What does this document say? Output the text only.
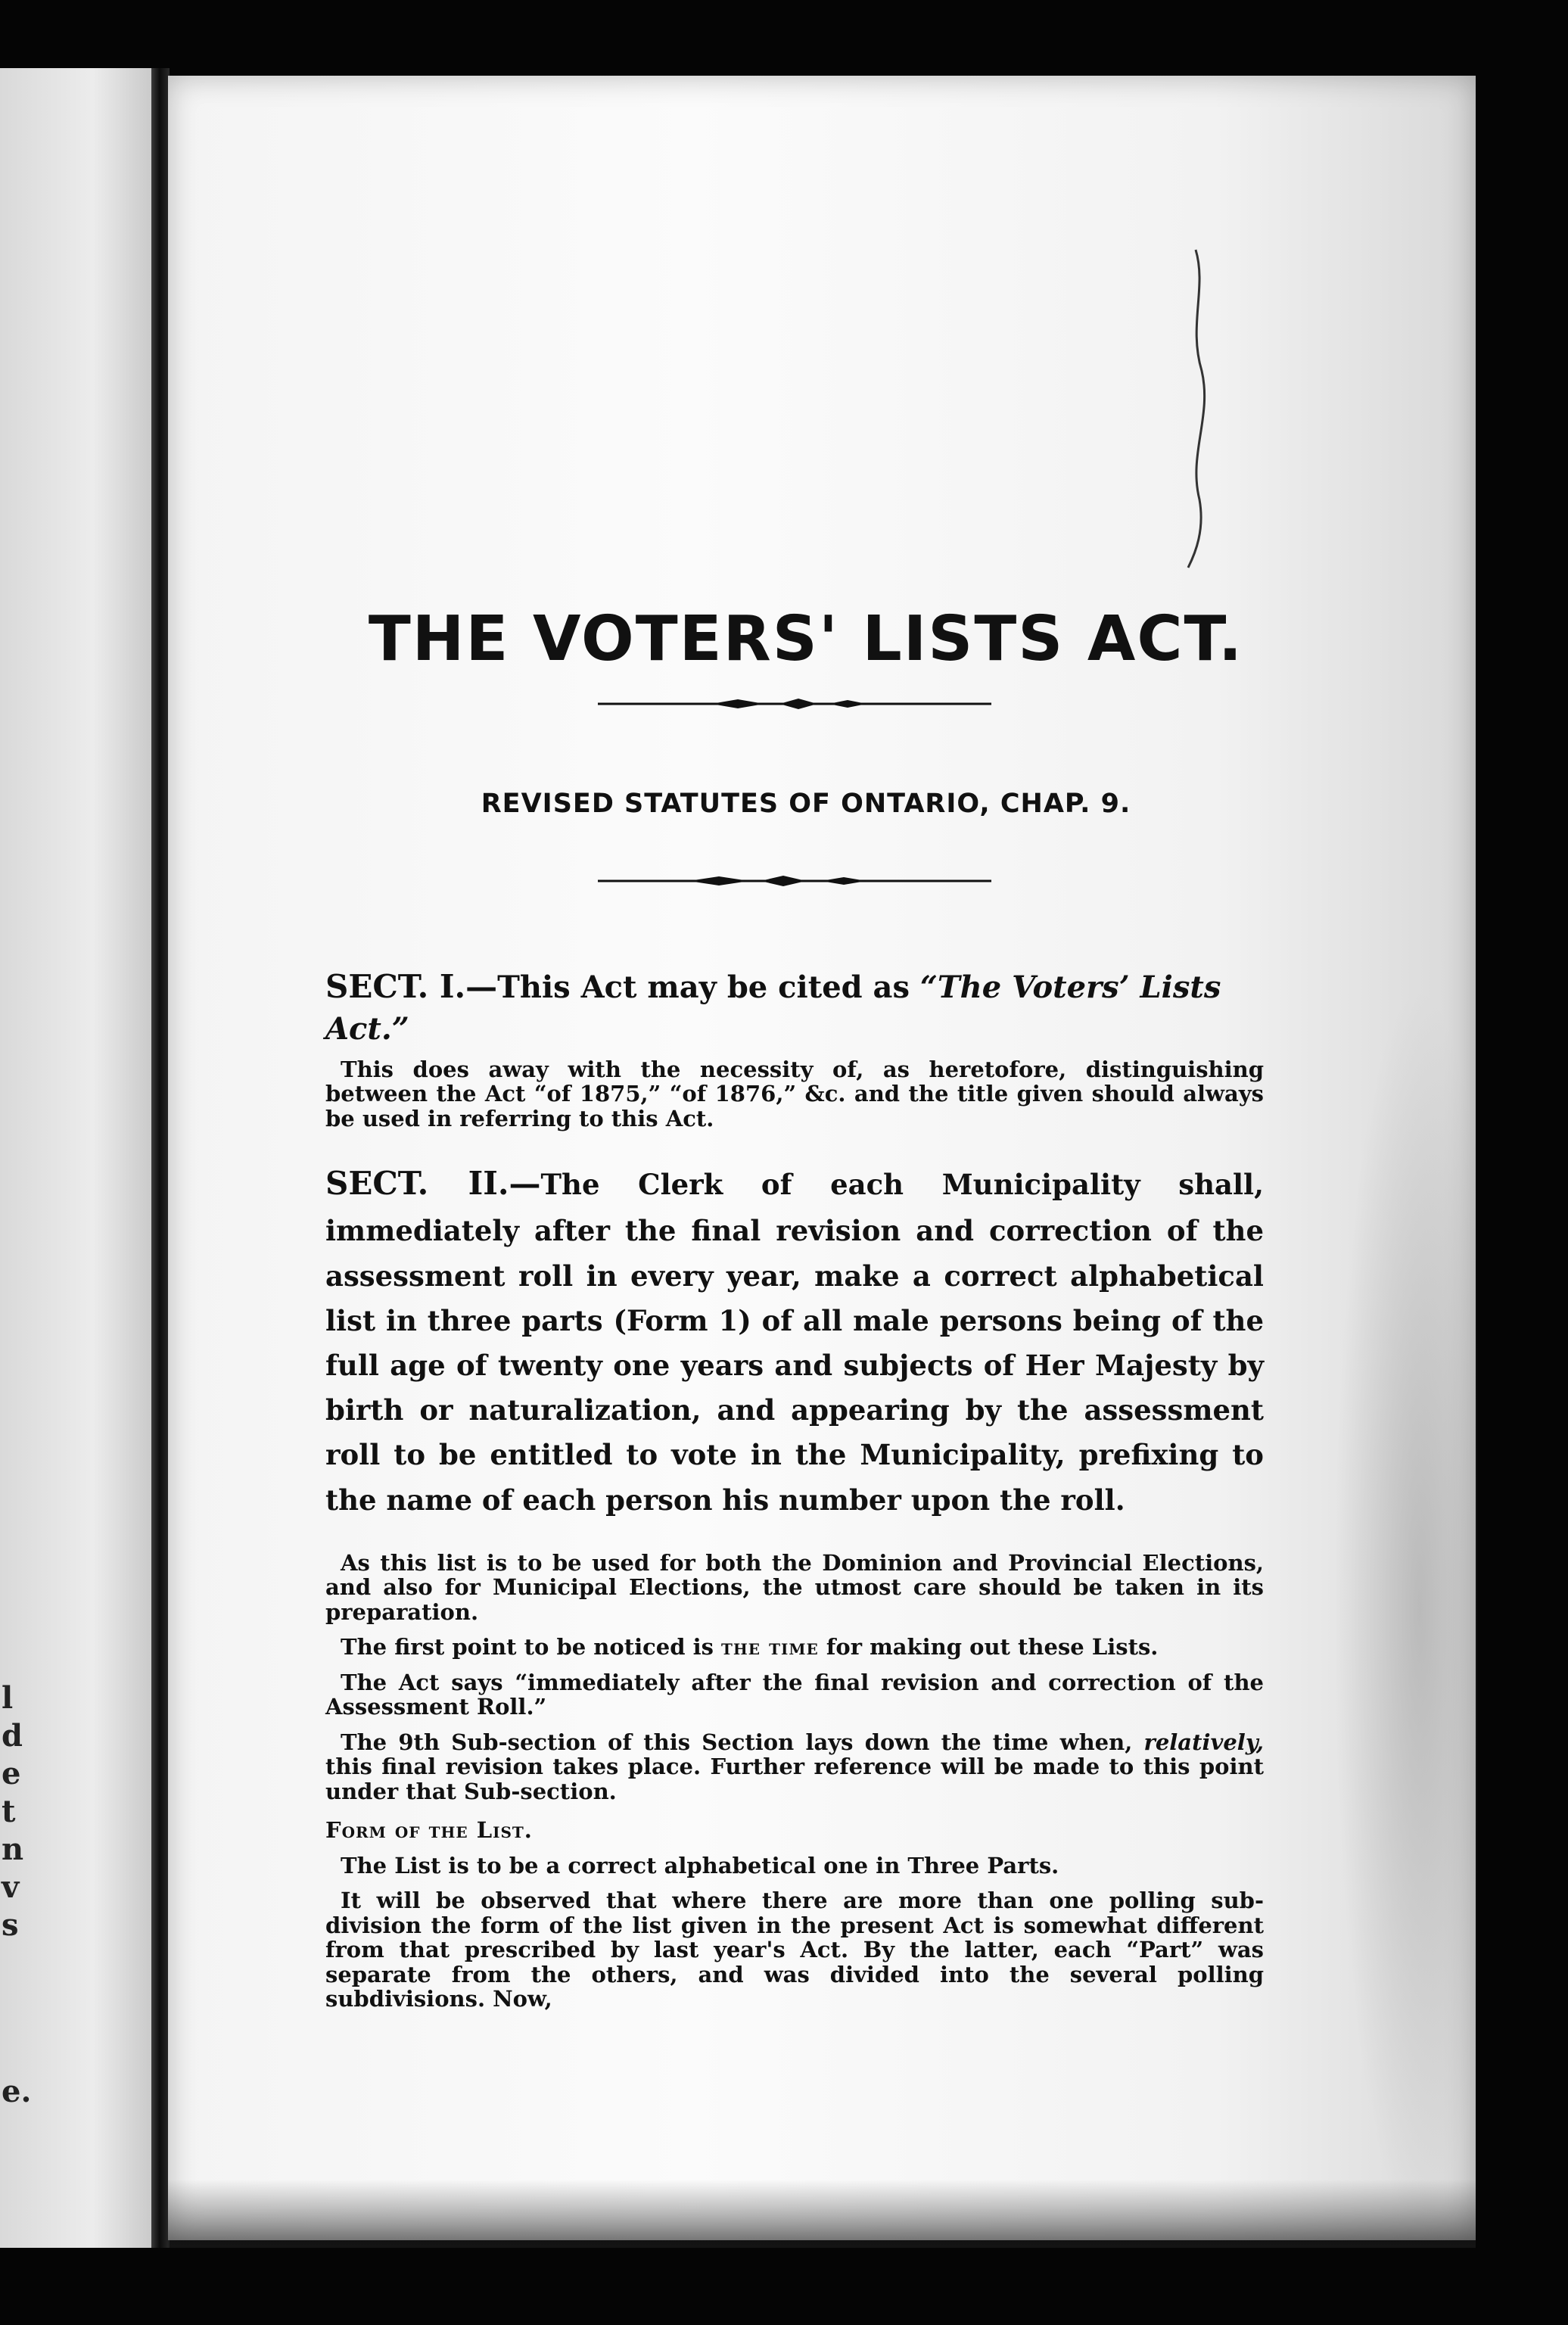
l
d
e
t
n
v
s
e.
THE VOTERS' LISTS ACT.
REVISED STATUTES OF ONTARIO, CHAP. 9.

SECT. I.—This Act may be cited as “The Voters’ Lists Act.”

This does away with the necessity of, as heretofore, distinguishing between the Act “of 1875,” “of 1876,” &c. and the title given should always be used in referring to this Act.

SECT. II.—The Clerk of each Municipality shall, immediately after the final revision and correction of the assessment roll in every year, make a correct alphabetical list in three parts (Form 1) of all male persons being of the full age of twenty one years and subjects of Her Majesty by birth or naturalization, and appearing by the assessment roll to be entitled to vote in the Municipality, prefixing to the name of each person his number upon the roll.

As this list is to be used for both the Dominion and Provincial Elections, and also for Municipal Elections, the utmost care should be taken in its preparation.

The first point to be noticed is the time for making out these Lists.

The Act says “immediately after the final revision and correction of the Assessment Roll.”

The 9th Sub-section of this Section lays down the time when, relatively, this final revision takes place. Further reference will be made to this point under that Sub-section.

Form of the List.

The List is to be a correct alphabetical one in Three Parts.

It will be observed that where there are more than one polling sub-division the form of the list given in the present Act is somewhat different from that prescribed by last year's Act. By the latter, each “Part” was separate from the others, and was divided into the several polling subdivisions. Now,
